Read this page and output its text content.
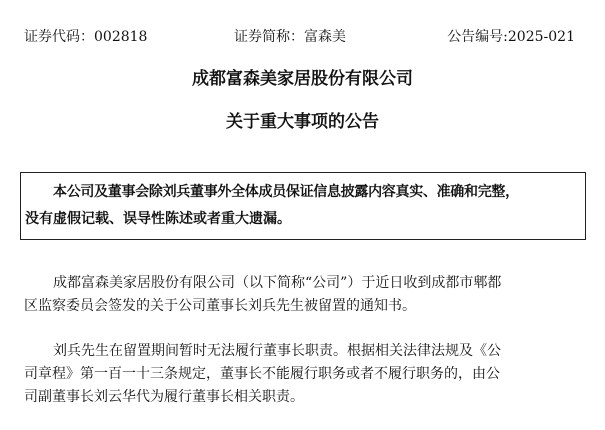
证券代码：002818	证券简称：富森美	公告编号:2025-021
成都富森美家居股份有限公司
关于重大事项的公告
本公司及董事会除刘兵董事外全体成员保证信息披露内容真实、准确和完整，
没有虚假记载、误导性陈述或者重大遗漏。
成都富森美家居股份有限公司（以下简称“公司”）于近日收到成都市郫都
区监察委员会签发的关于公司董事长刘兵先生被留置的通知书。
刘兵先生在留置期间暂时无法履行董事长职责。根据相关法律法规及《公
司章程》第一百一十三条规定，董事长不能履行职务或者不履行职务的，由公
司副董事长刘云华代为履行董事长相关职责。
